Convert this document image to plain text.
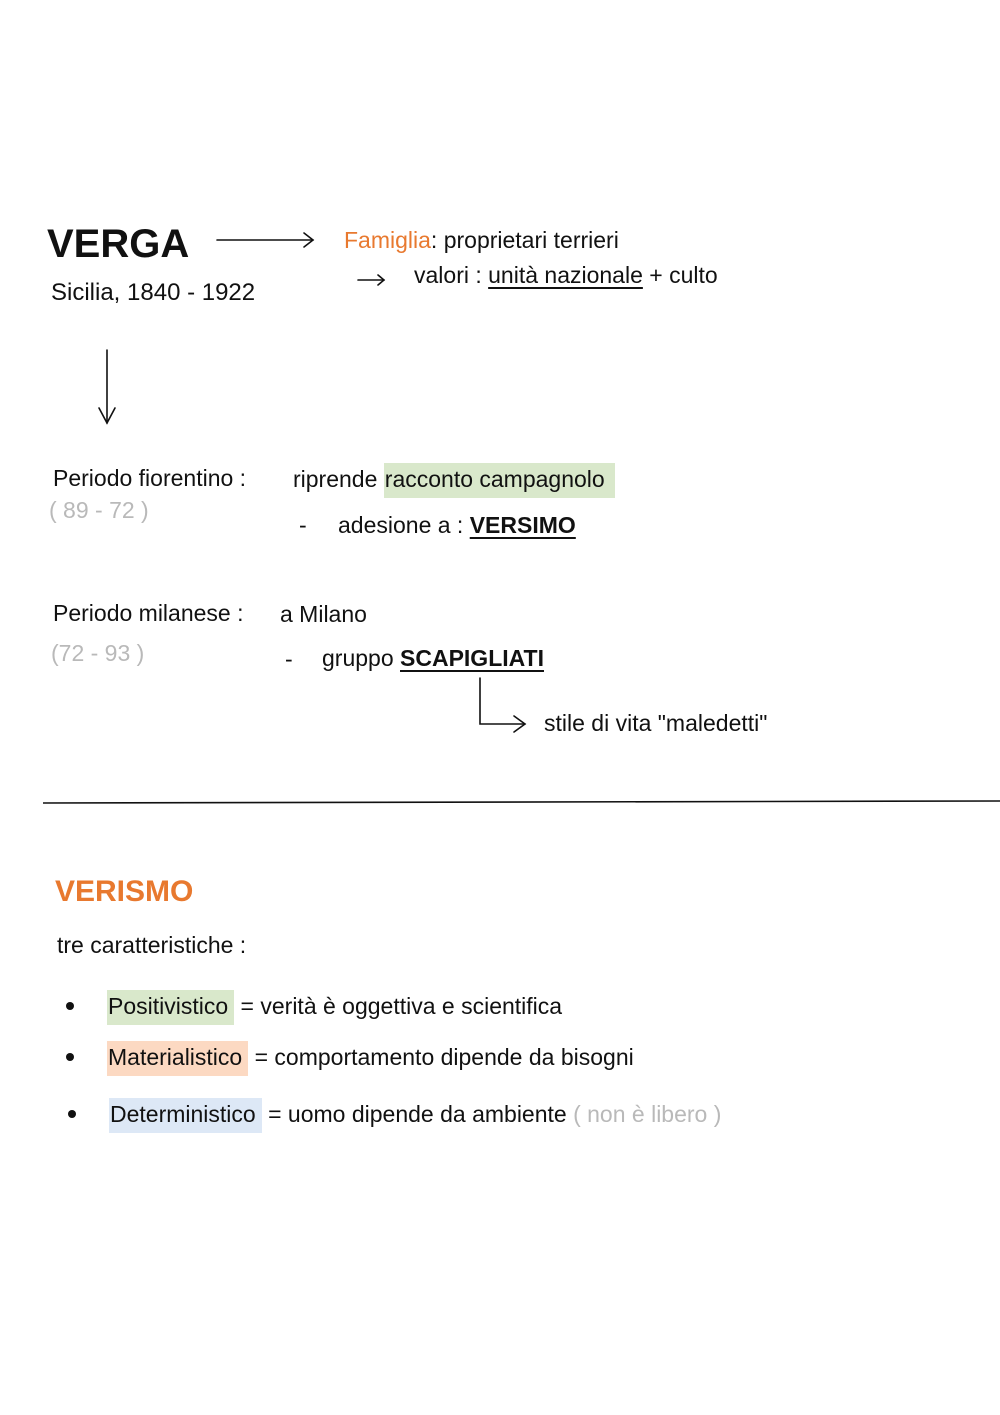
VERGA
Sicilia, 1840 - 1922
Famiglia: proprietari terrieri
valori : unità nazionale + culto
Periodo fiorentino :
( 89 - 72 )
riprende racconto campagnolo
- adesione a : VERSIMO
Periodo milanese :
(72 - 93 )
a Milano
- gruppo SCAPIGLIATI
stile di vita "maledetti"
VERISMO
tre caratteristiche :
Positivistico = verità è oggettiva e scientifica
Materialistico = comportamento dipende da bisogni
Deterministico = uomo dipende da ambiente ( non è libero )
